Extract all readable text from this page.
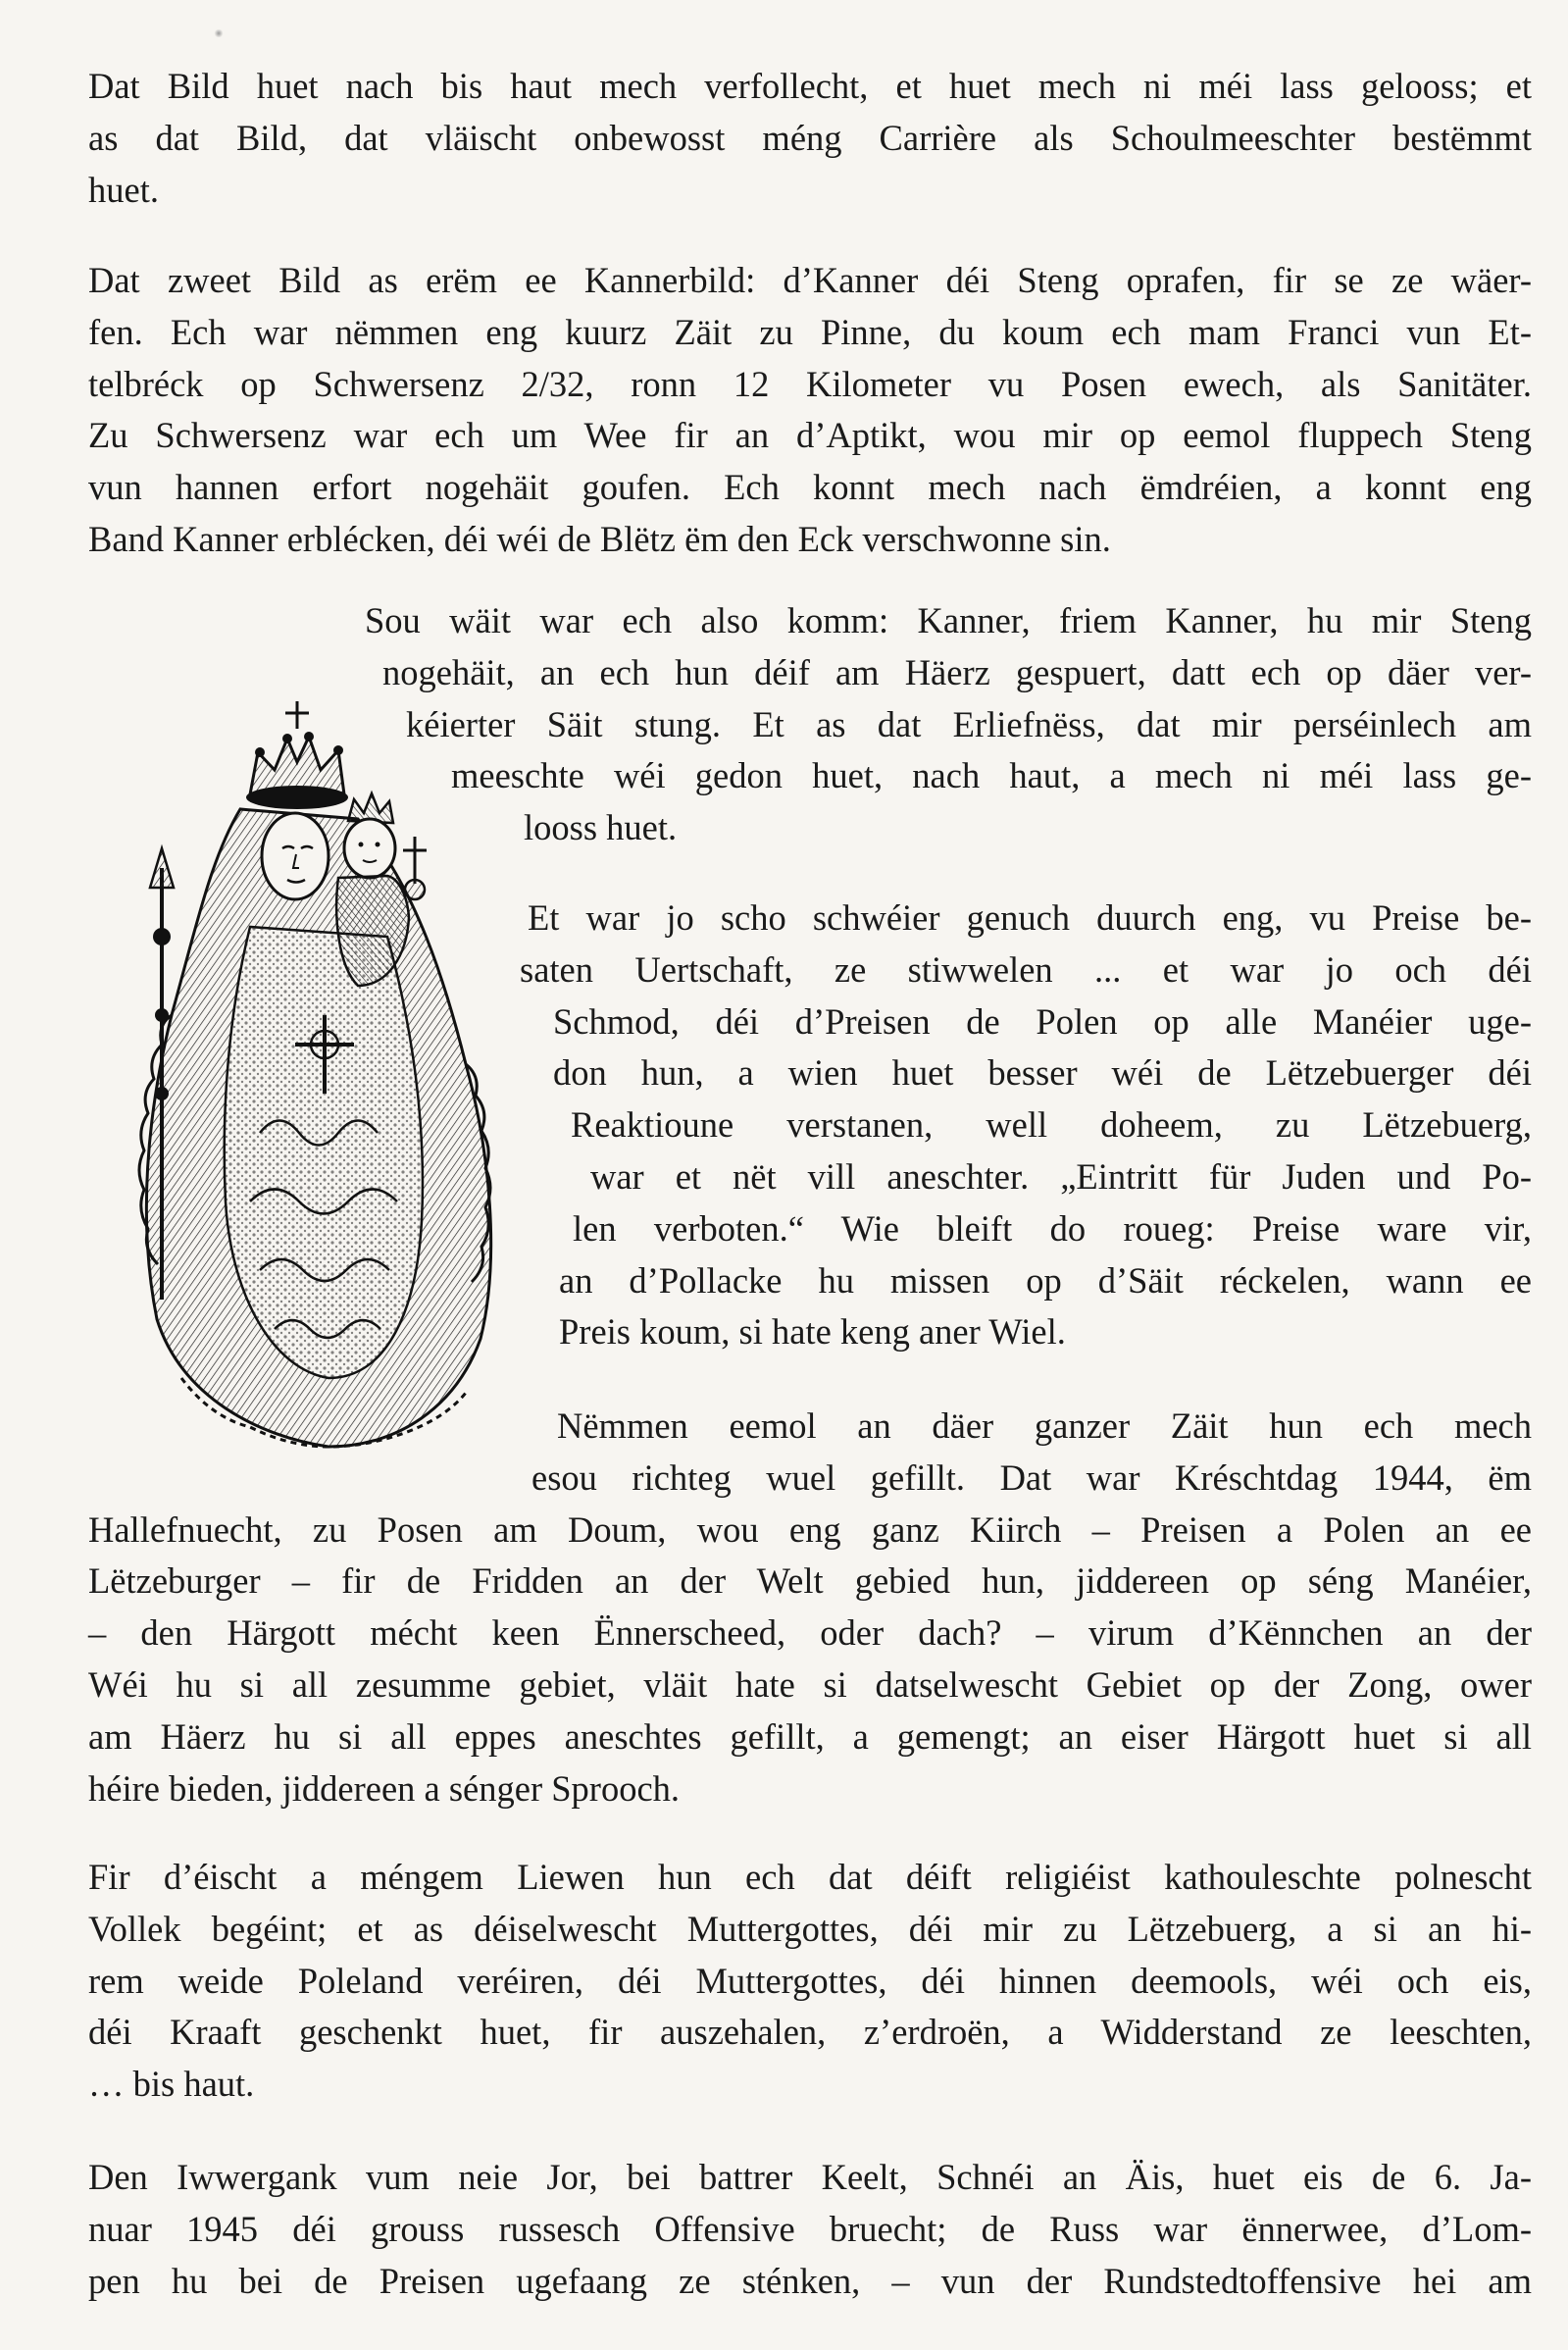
Dat Bild huet nach bis haut mech verfollecht, et huet mech ni méi lass gelooss; et
as dat Bild, dat vläischt onbewosst méng Carrière als Schoulmeeschter bestëmmt
huet.

Dat zweet Bild as erëm ee Kannerbild: d’Kanner déi Steng oprafen, fir se ze wäer-
fen. Ech war nëmmen eng kuurz Zäit zu Pinne, du koum ech mam Franci vun Et-
telbréck op Schwersenz 2/32, ronn 12 Kilometer vu Posen ewech, als Sanitäter.
Zu Schwersenz war ech um Wee fir an d’Aptikt, wou mir op eemol fluppech Steng
vun hannen erfort nogehäit goufen. Ech konnt mech nach ëmdréien, a konnt eng
Band Kanner erblécken, déi wéi de Blëtz ëm den Eck verschwonne sin.

Sou wäit war ech also komm: Kanner, friem Kanner, hu mir Steng
nogehäit, an ech hun déif am Häerz gespuert, datt ech op däer ver-
kéierter Säit stung. Et as dat Erliefnëss, dat mir perséinlech am
meeschte wéi gedon huet, nach haut, a mech ni méi lass ge-
looss huet.

Et war jo scho schwéier genuch duurch eng, vu Preise be-
saten Uertschaft, ze stiwwelen ... et war jo och déi
Schmod, déi d’Preisen de Polen op alle Manéier uge-
don hun, a wien huet besser wéi de Lëtzebuerger déi
Reaktioune verstanen, well doheem, zu Lëtzebuerg,
war et nët vill aneschter. „Eintritt für Juden und Po-
len verboten.“ Wie bleift do roueg: Preise ware vir,
an d’Pollacke hu missen op d’Säit réckelen, wann ee
Preis koum, si hate keng aner Wiel.

Nëmmen eemol an däer ganzer Zäit hun ech mech
esou richteg wuel gefillt. Dat war Kréschtdag 1944, ëm
Hallefnuecht, zu Posen am Doum, wou eng ganz Kiirch – Preisen a Polen an ee
Lëtzeburger – fir de Fridden an der Welt gebied hun, jiddereen op séng Manéier,
– den Härgott mécht keen Ënnerscheed, oder dach? – virum d’Kënnchen an der
Wéi hu si all zesumme gebiet, vläit hate si datselwescht Gebiet op der Zong, ower
am Häerz hu si all eppes aneschtes gefillt, a gemengt; an eiser Härgott huet si all
héire bieden, jiddereen a sénger Sprooch.

Fir d’éischt a méngem Liewen hun ech dat déift religiéist kathouleschte polnescht
Vollek begéint; et as déiselwescht Muttergottes, déi mir zu Lëtzebuerg, a si an hi-
rem weide Poleland veréiren, déi Muttergottes, déi hinnen deemools, wéi och eis,
déi Kraaft geschenkt huet, fir auszehalen, z’erdroën, a Widderstand ze leeschten,
… bis haut.

Den Iwwergank vum neie Jor, bei battrer Keelt, Schnéi an Äis, huet eis de 6. Ja-
nuar 1945 déi grouss russesch Offensive bruecht; de Russ war ënnerwee, d’Lom-
pen hu bei de Preisen ugefaang ze sténken, – vun der Rundstedtoffensive hei am
